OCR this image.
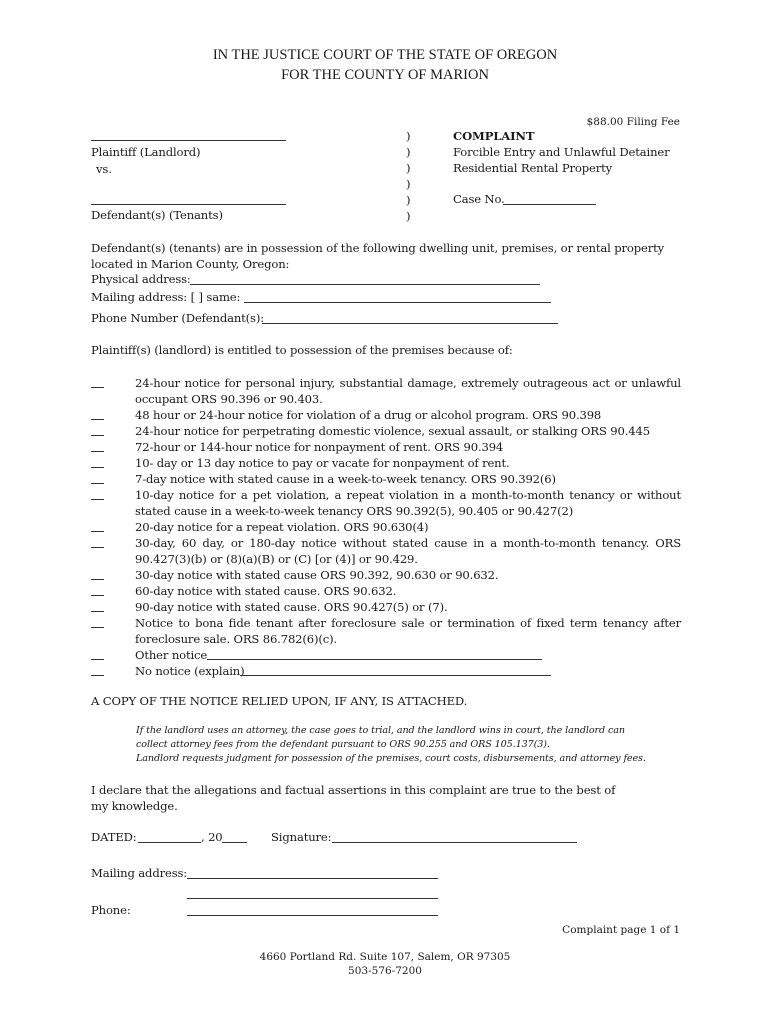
IN THE JUSTICE COURT OF THE STATE OF OREGON
FOR THE COUNTY OF MARION
$88.00 Filing Fee
Plaintiff (Landlord)
vs.
Defendant(s) (Tenants)
)
)
)
)
)
)
COMPLAINT
Forcible Entry and Unlawful Detainer
Residential Rental Property
Case No.
Defendant(s) (tenants) are in possession of the following dwelling unit, premises, or rental property located in Marion County, Oregon:
Physical address:
Mailing address: [ ] same:
Phone Number (Defendant(s):
Plaintiff(s) (landlord) is entitled to possession of the premises because of:
24-hour notice for personal injury, substantial damage, extremely outrageous act or unlawful occupant ORS 90.396 or 90.403.
48 hour or 24-hour notice for violation of a drug or alcohol program. ORS 90.398
24-hour notice for perpetrating domestic violence, sexual assault, or stalking ORS 90.445
72-hour or 144-hour notice for nonpayment of rent. ORS 90.394
10- day or 13 day notice to pay or vacate for nonpayment of rent.
7-day notice with stated cause in a week-to-week tenancy. ORS 90.392(6)
10-day notice for a pet violation, a repeat violation in a month-to-month tenancy or without stated cause in a week-to-week tenancy ORS 90.392(5), 90.405 or 90.427(2)
20-day notice for a repeat violation. ORS 90.630(4)
30-day, 60 day, or 180-day notice without stated cause in a month-to-month tenancy. ORS 90.427(3)(b) or (8)(a)(B) or (C) [or (4)] or 90.429.
30-day notice with stated cause ORS 90.392, 90.630 or 90.632.
60-day notice with stated cause. ORS 90.632.
90-day notice with stated cause. ORS 90.427(5) or (7).
Notice to bona fide tenant after foreclosure sale or termination of fixed term tenancy after foreclosure sale. ORS 86.782(6)(c).
Other notice
No notice (explain)
A COPY OF THE NOTICE RELIED UPON, IF ANY, IS ATTACHED.
If the landlord uses an attorney, the case goes to trial, and the landlord wins in court, the landlord can collect attorney fees from the defendant pursuant to ORS 90.255 and ORS 105.137(3).
Landlord requests judgment for possession of the premises, court costs, disbursements, and attorney fees.
I declare that the allegations and factual assertions in this complaint are true to the best of my knowledge.
DATED:	, 20	Signature:
Mailing address:
Phone:
Complaint page 1 of 1
4660 Portland Rd. Suite 107, Salem, OR 97305
503-576-7200
